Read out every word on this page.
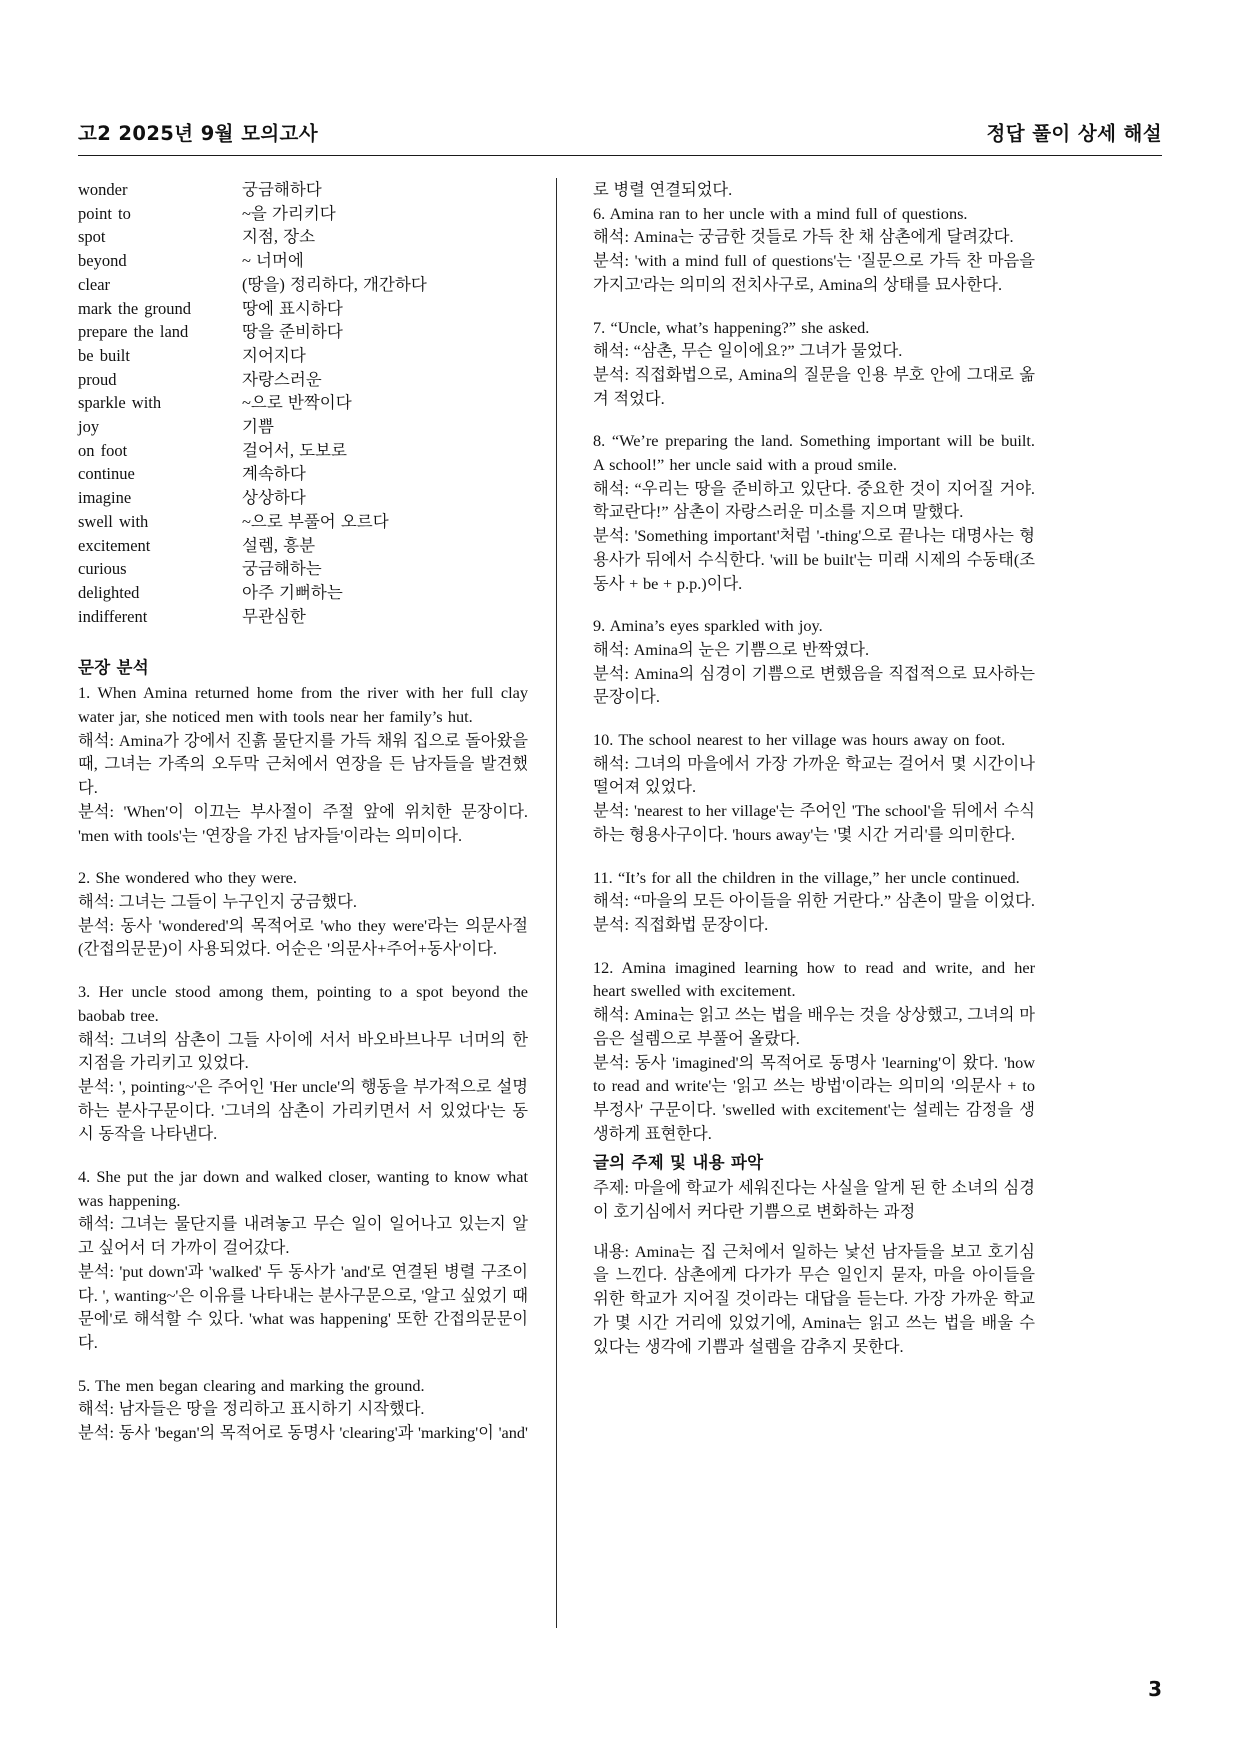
고2 2025년 9월 모의고사	정답 풀이 상세 해설
wonder	궁금해하다
point to	~을 가리키다
spot	지점, 장소
beyond	~ 너머에
clear	(땅을) 정리하다, 개간하다
mark the ground	땅에 표시하다
prepare the land	땅을 준비하다
be built	지어지다
proud	자랑스러운
sparkle with	~으로 반짝이다
joy	기쁨
on foot	걸어서, 도보로
continue	계속하다
imagine	상상하다
swell with	~으로 부풀어 오르다
excitement	설렘, 흥분
curious	궁금해하는
delighted	아주 기뻐하는
indifferent	무관심한
문장 분석

1. When Amina returned home from the river with her full clay water jar, she noticed men with tools near her family’s hut.

해석: Amina가 강에서 진흙 물단지를 가득 채워 집으로 돌아왔을 때, 그녀는 가족의 오두막 근처에서 연장을 든 남자들을 발견했다.

분석: 'When'이 이끄는 부사절이 주절 앞에 위치한 문장이다. 'men with tools'는 '연장을 가진 남자들'이라는 의미이다.

2. She wondered who they were.

해석: 그녀는 그들이 누구인지 궁금했다.

분석: 동사 'wondered'의 목적어로 'who they were'라는 의문사절(간접의문문)이 사용되었다. 어순은 '의문사+주어+동사'이다.

3. Her uncle stood among them, pointing to a spot beyond the baobab tree.

해석: 그녀의 삼촌이 그들 사이에 서서 바오바브나무 너머의 한 지점을 가리키고 있었다.

분석: ', pointing~'은 주어인 'Her uncle'의 행동을 부가적으로 설명하는 분사구문이다. '그녀의 삼촌이 가리키면서 서 있었다'는 동시 동작을 나타낸다.

4. She put the jar down and walked closer, wanting to know what was happening.

해석: 그녀는 물단지를 내려놓고 무슨 일이 일어나고 있는지 알고 싶어서 더 가까이 걸어갔다.

분석: 'put down'과 'walked' 두 동사가 'and'로 연결된 병렬 구조이다. ', wanting~'은 이유를 나타내는 분사구문으로, '알고 싶었기 때문에'로 해석할 수 있다. 'what was happening' 또한 간접의문문이다.

5. The men began clearing and marking the ground.

해석: 남자들은 땅을 정리하고 표시하기 시작했다.

분석: 동사 'began'의 목적어로 동명사 'clearing'과 'marking'이 'and'

로 병렬 연결되었다.

6. Amina ran to her uncle with a mind full of questions.

해석: Amina는 궁금한 것들로 가득 찬 채 삼촌에게 달려갔다.

분석: 'with a mind full of questions'는 '질문으로 가득 찬 마음을 가지고'라는 의미의 전치사구로, Amina의 상태를 묘사한다.

7. “Uncle, what’s happening?” she asked.

해석: “삼촌, 무슨 일이에요?” 그녀가 물었다.

분석: 직접화법으로, Amina의 질문을 인용 부호 안에 그대로 옮겨 적었다.

8. “We’re preparing the land. Something important will be built. A school!” her uncle said with a proud smile.

해석: “우리는 땅을 준비하고 있단다. 중요한 것이 지어질 거야. 학교란다!” 삼촌이 자랑스러운 미소를 지으며 말했다.

분석: 'Something important'처럼 '-thing'으로 끝나는 대명사는 형용사가 뒤에서 수식한다. 'will be built'는 미래 시제의 수동태(조동사 + be + p.p.)이다.

9. Amina’s eyes sparkled with joy.

해석: Amina의 눈은 기쁨으로 반짝였다.

분석: Amina의 심경이 기쁨으로 변했음을 직접적으로 묘사하는 문장이다.

10. The school nearest to her village was hours away on foot.

해석: 그녀의 마을에서 가장 가까운 학교는 걸어서 몇 시간이나 떨어져 있었다.

분석: 'nearest to her village'는 주어인 'The school'을 뒤에서 수식하는 형용사구이다. 'hours away'는 '몇 시간 거리'를 의미한다.

11. “It’s for all the children in the village,” her uncle continued.

해석: “마을의 모든 아이들을 위한 거란다.” 삼촌이 말을 이었다.

분석: 직접화법 문장이다.

12. Amina imagined learning how to read and write, and her heart swelled with excitement.

해석: Amina는 읽고 쓰는 법을 배우는 것을 상상했고, 그녀의 마음은 설렘으로 부풀어 올랐다.

분석: 동사 'imagined'의 목적어로 동명사 'learning'이 왔다. 'how to read and write'는 '읽고 쓰는 방법'이라는 의미의 '의문사 + to부정사' 구문이다. 'swelled with excitement'는 설레는 감정을 생생하게 표현한다.

글의 주제 및 내용 파악

주제: 마을에 학교가 세워진다는 사실을 알게 된 한 소녀의 심경이 호기심에서 커다란 기쁨으로 변화하는 과정

내용: Amina는 집 근처에서 일하는 낯선 남자들을 보고 호기심을 느낀다. 삼촌에게 다가가 무슨 일인지 묻자, 마을 아이들을 위한 학교가 지어질 것이라는 대답을 듣는다. 가장 가까운 학교가 몇 시간 거리에 있었기에, Amina는 읽고 쓰는 법을 배울 수 있다는 생각에 기쁨과 설렘을 감추지 못한다.

3
